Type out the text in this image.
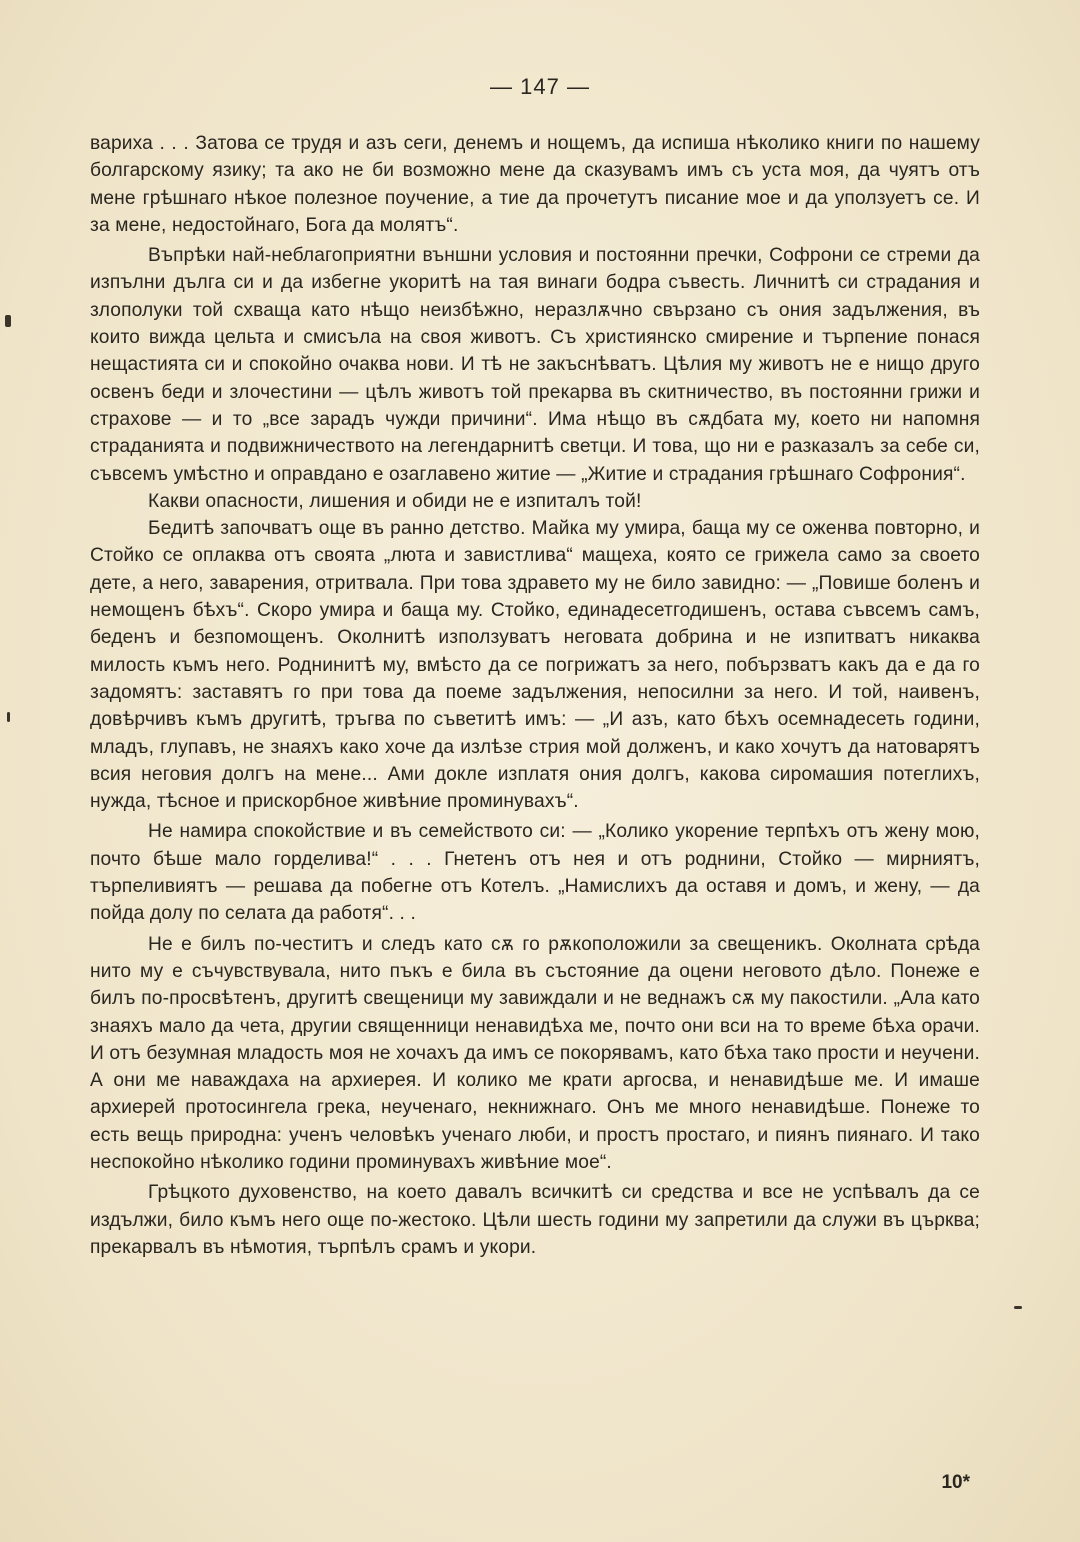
— 147 —

вариха . . . Затова се трудя и азъ сеги, денемъ и нощемъ, да испиша нѣколико книги по нашему болгарскому язику; та ако не би возможно мене да сказувамъ имъ съ уста моя, да чуятъ отъ мене грѣшнаго нѣкое полезное поучение, а тие да прочетутъ писание мое и да уползуетъ се. И за мене, недостойнаго, Бога да молятъ“.

Въпрѣки най-неблагоприятни външни условия и постоянни пречки, Софрони се стреми да изпълни дълга си и да избегне укоритѣ на тая винаги бодра съвесть. Личнитѣ си страдания и злополуки той схваща като нѣщо неизбѣжно, неразлѫчно свързано съ ония задължения, въ които вижда цельта и смисъла на своя животъ. Съ християнско смирение и търпение понася нещастията си и спокойно очаква нови. И тѣ не закъснѣватъ. Цѣлия му животъ не е нищо друго освенъ беди и злочестини — цѣлъ животъ той прекарва въ скитничество, въ постоянни грижи и страхове — и то „все зарадъ чужди причини“. Има нѣщо въ сѫдбата му, което ни напомня страданията и подвижничеството на легендарнитѣ светци. И това, що ни е разказалъ за себе си, съвсемъ умѣстно и оправдано е озаглавено житие — „Житие и страдания грѣшнаго Софрония“.

Какви опасности, лишения и обиди не е изпиталъ той!

Бедитѣ започватъ още въ ранно детство. Майка му умира, баща му се оженва повторно, и Стойко се оплаква отъ своята „люта и завистлива“ мащеха, която се грижела само за своето дете, а него, заварения, отритвала. При това здравето му не било завидно: — „Повише боленъ и немощенъ бѣхъ“. Скоро умира и баща му. Стойко, единадесетгодишенъ, остава съвсемъ самъ, беденъ и безпомощенъ. Околнитѣ използуватъ неговата добрина и не изпитватъ никаква милость къмъ него. Роднинитѣ му, вмѣсто да се погрижатъ за него, побързватъ какъ да е да го задомятъ: заставятъ го при това да поеме задължения, непосилни за него. И той, наивенъ, довѣрчивъ къмъ другитѣ, тръгва по съветитѣ имъ: — „И азъ, като бѣхъ осемнадесеть години, младъ, глупавъ, не знаяхъ како хоче да излѣзе стрия мой долженъ, и како хочутъ да натоварятъ всия неговия долгъ на мене... Ами докле изплатя ония долгъ, какова сиромашия потеглихъ, нужда, тѣсное и прискорбное живѣние проминувахъ“.

Не намира спокойствие и въ семейството си: — „Колико укорение терпѣхъ отъ жену мою, почто бѣше мало горделива!“ . . . Гнетенъ отъ нея и отъ роднини, Стойко — мирниятъ, търпеливиятъ — решава да побегне отъ Котелъ. „Намислихъ да оставя и домъ, и жену, — да пойда долу по селата да работя“. . .

Не е билъ по-честитъ и следъ като сѫ го рѫкоположили за свещеникъ. Околната срѣда нито му е съчувствувала, нито пъкъ е била въ състояние да оцени неговото дѣло. Понеже е билъ по-просвѣтенъ, другитѣ свещеници му завиждали и не веднажъ сѫ му пакостили. „Ала като знаяхъ мало да чета, другии священници ненавидѣха ме, почто они вси на то време бѣха орачи. И отъ безумная младость моя не хочахъ да имъ се покорявамъ, като бѣха тако прости и неучени. А они ме наваждаха на архиерея. И колико ме крати аргосва, и ненавидѣше ме. И имаше архиерей протосингела грека, неученаго, некнижнаго. Онъ ме много ненавидѣше. Понеже то есть вещь природна: ученъ человѣкъ ученаго люби, и простъ простаго, и пиянъ пиянаго. И тако неспокойно нѣколико години проминувахъ живѣние мое“.

Грѣцкото духовенство, на което давалъ всичкитѣ си средства и все не успѣвалъ да се издължи, било къмъ него още по-жестоко. Цѣли шесть години му запретили да служи въ църква; прекарвалъ въ нѣмотия, търпѣлъ срамъ и укори.

10*
